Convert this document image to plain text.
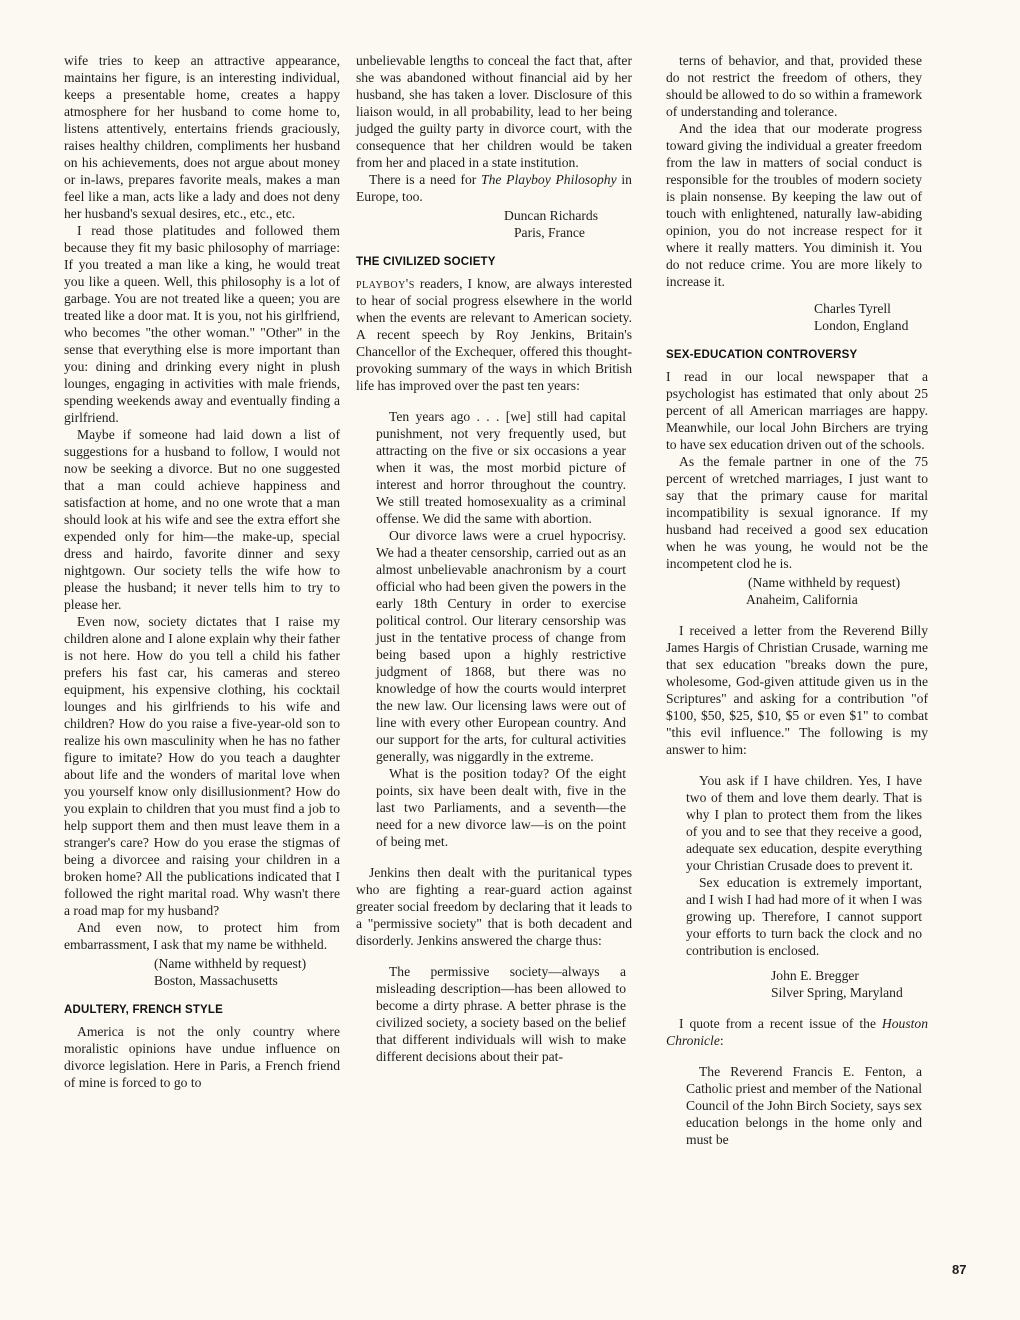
wife tries to keep an attractive appearance, maintains her figure, is an interesting individual, keeps a presentable home, creates a happy atmosphere for her husband to come home to, listens attentively, entertains friends graciously, raises healthy children, compliments her husband on his achievements, does not argue about money or in-laws, prepares favorite meals, makes a man feel like a man, acts like a lady and does not deny her husband's sexual desires, etc., etc., etc.

I read those platitudes and followed them because they fit my basic philosophy of marriage: If you treated a man like a king, he would treat you like a queen. Well, this philosophy is a lot of garbage. You are not treated like a queen; you are treated like a door mat. It is you, not his girlfriend, who becomes "the other woman." "Other" in the sense that everything else is more important than you: dining and drinking every night in plush lounges, engaging in activities with male friends, spending weekends away and eventually finding a girlfriend.

Maybe if someone had laid down a list of suggestions for a husband to follow, I would not now be seeking a divorce. But no one suggested that a man could achieve happiness and satisfaction at home, and no one wrote that a man should look at his wife and see the extra effort she expended only for him—the make-up, special dress and hairdo, favorite dinner and sexy nightgown. Our society tells the wife how to please the husband; it never tells him to try to please her.

Even now, society dictates that I raise my children alone and I alone explain why their father is not here. How do you tell a child his father prefers his fast car, his cameras and stereo equipment, his expensive clothing, his cocktail lounges and his girlfriends to his wife and children? How do you raise a five-year-old son to realize his own masculinity when he has no father figure to imitate? How do you teach a daughter about life and the wonders of marital love when you yourself know only disillusionment? How do you explain to children that you must find a job to help support them and then must leave them in a stranger's care? How do you erase the stigmas of being a divorcee and raising your children in a broken home? All the publications indicated that I followed the right marital road. Why wasn't there a road map for my husband?

And even now, to protect him from embarrassment, I ask that my name be withheld.

(Name withheld by request)
Boston, Massachusetts
ADULTERY, FRENCH STYLE

America is not the only country where moralistic opinions have undue influence on divorce legislation. Here in Paris, a French friend of mine is forced to go to

unbelievable lengths to conceal the fact that, after she was abandoned without financial aid by her husband, she has taken a lover. Disclosure of this liaison would, in all probability, lead to her being judged the guilty party in divorce court, with the consequence that her children would be taken from her and placed in a state institution.

There is a need for The Playboy Philosophy in Europe, too.

Duncan Richards
Paris, France
THE CIVILIZED SOCIETY

playboy's readers, I know, are always interested to hear of social progress elsewhere in the world when the events are relevant to American society. A recent speech by Roy Jenkins, Britain's Chancellor of the Exchequer, offered this thought-provoking summary of the ways in which British life has improved over the past ten years:

Ten years ago . . . [we] still had capital punishment, not very frequently used, but attracting on the five or six occasions a year when it was, the most morbid picture of interest and horror throughout the country. We still treated homosexuality as a criminal offense. We did the same with abortion.

Our divorce laws were a cruel hypocrisy. We had a theater censorship, carried out as an almost unbelievable anachronism by a court official who had been given the powers in the early 18th Century in order to exercise political control. Our literary censorship was just in the tentative process of change from being based upon a highly restrictive judgment of 1868, but there was no knowledge of how the courts would interpret the new law. Our licensing laws were out of line with every other European country. And our support for the arts, for cultural activities generally, was niggardly in the extreme.

What is the position today? Of the eight points, six have been dealt with, five in the last two Parliaments, and a seventh—the need for a new divorce law—is on the point of being met.

Jenkins then dealt with the puritanical types who are fighting a rear-guard action against greater social freedom by declaring that it leads to a "permissive society" that is both decadent and disorderly. Jenkins answered the charge thus:

The permissive society—always a misleading description—has been allowed to become a dirty phrase. A better phrase is the civilized society, a society based on the belief that different individuals will wish to make different decisions about their pat-

terns of behavior, and that, provided these do not restrict the freedom of others, they should be allowed to do so within a framework of understanding and tolerance.

And the idea that our moderate progress toward giving the individual a greater freedom from the law in matters of social conduct is responsible for the troubles of modern society is plain nonsense. By keeping the law out of touch with enlightened, naturally law-abiding opinion, you do not increase respect for it where it really matters. You diminish it. You do not reduce crime. You are more likely to increase it.

Charles Tyrell
London, England
SEX-EDUCATION CONTROVERSY

I read in our local newspaper that a psychologist has estimated that only about 25 percent of all American marriages are happy. Meanwhile, our local John Birchers are trying to have sex education driven out of the schools.

As the female partner in one of the 75 percent of wretched marriages, I just want to say that the primary cause for marital incompatibility is sexual ignorance. If my husband had received a good sex education when he was young, he would not be the incompetent clod he is.

(Name withheld by request)
Anaheim, California

I received a letter from the Reverend Billy James Hargis of Christian Crusade, warning me that sex education "breaks down the pure, wholesome, God-given attitude given us in the Scriptures" and asking for a contribution "of $100, $50, $25, $10, $5 or even $1" to combat "this evil influence." The following is my answer to him:

You ask if I have children. Yes, I have two of them and love them dearly. That is why I plan to protect them from the likes of you and to see that they receive a good, adequate sex education, despite everything your Christian Crusade does to prevent it.

Sex education is extremely important, and I wish I had had more of it when I was growing up. Therefore, I cannot support your efforts to turn back the clock and no contribution is enclosed.

John E. Bregger
Silver Spring, Maryland

I quote from a recent issue of the Houston Chronicle:

The Reverend Francis E. Fenton, a Catholic priest and member of the National Council of the John Birch Society, says sex education belongs in the home only and must be

87
